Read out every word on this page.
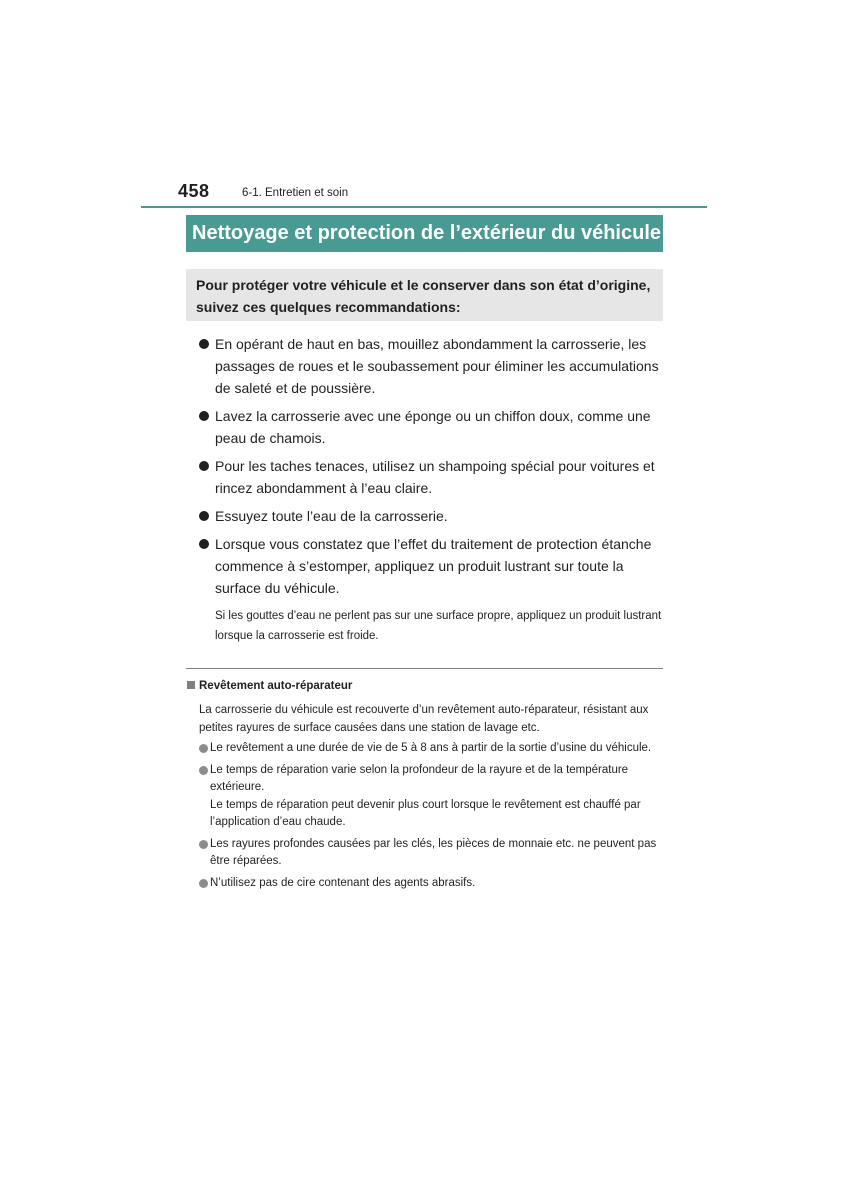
458	6-1. Entretien et soin
Nettoyage et protection de l’extérieur du véhicule
Pour protéger votre véhicule et le conserver dans son état d’origine, suivez ces quelques recommandations:
En opérant de haut en bas, mouillez abondamment la carrosserie, les passages de roues et le soubassement pour éliminer les accumulations de saleté et de poussière.
Lavez la carrosserie avec une éponge ou un chiffon doux, comme une peau de chamois.
Pour les taches tenaces, utilisez un shampoing spécial pour voitures et rincez abondamment à l’eau claire.
Essuyez toute l’eau de la carrosserie.
Lorsque vous constatez que l’effet du traitement de protection étanche commence à s’estomper, appliquez un produit lustrant sur toute la surface du véhicule.
Si les gouttes d’eau ne perlent pas sur une surface propre, appliquez un produit lustrant lorsque la carrosserie est froide.
Revêtement auto-réparateur
La carrosserie du véhicule est recouverte d’un revêtement auto-réparateur, résistant aux petites rayures de surface causées dans une station de lavage etc.
Le revêtement a une durée de vie de 5 à 8 ans à partir de la sortie d’usine du véhicule.
Le temps de réparation varie selon la profondeur de la rayure et de la température extérieure.
Le temps de réparation peut devenir plus court lorsque le revêtement est chauffé par l’application d’eau chaude.
Les rayures profondes causées par les clés, les pièces de monnaie etc. ne peuvent pas être réparées.
N’utilisez pas de cire contenant des agents abrasifs.
